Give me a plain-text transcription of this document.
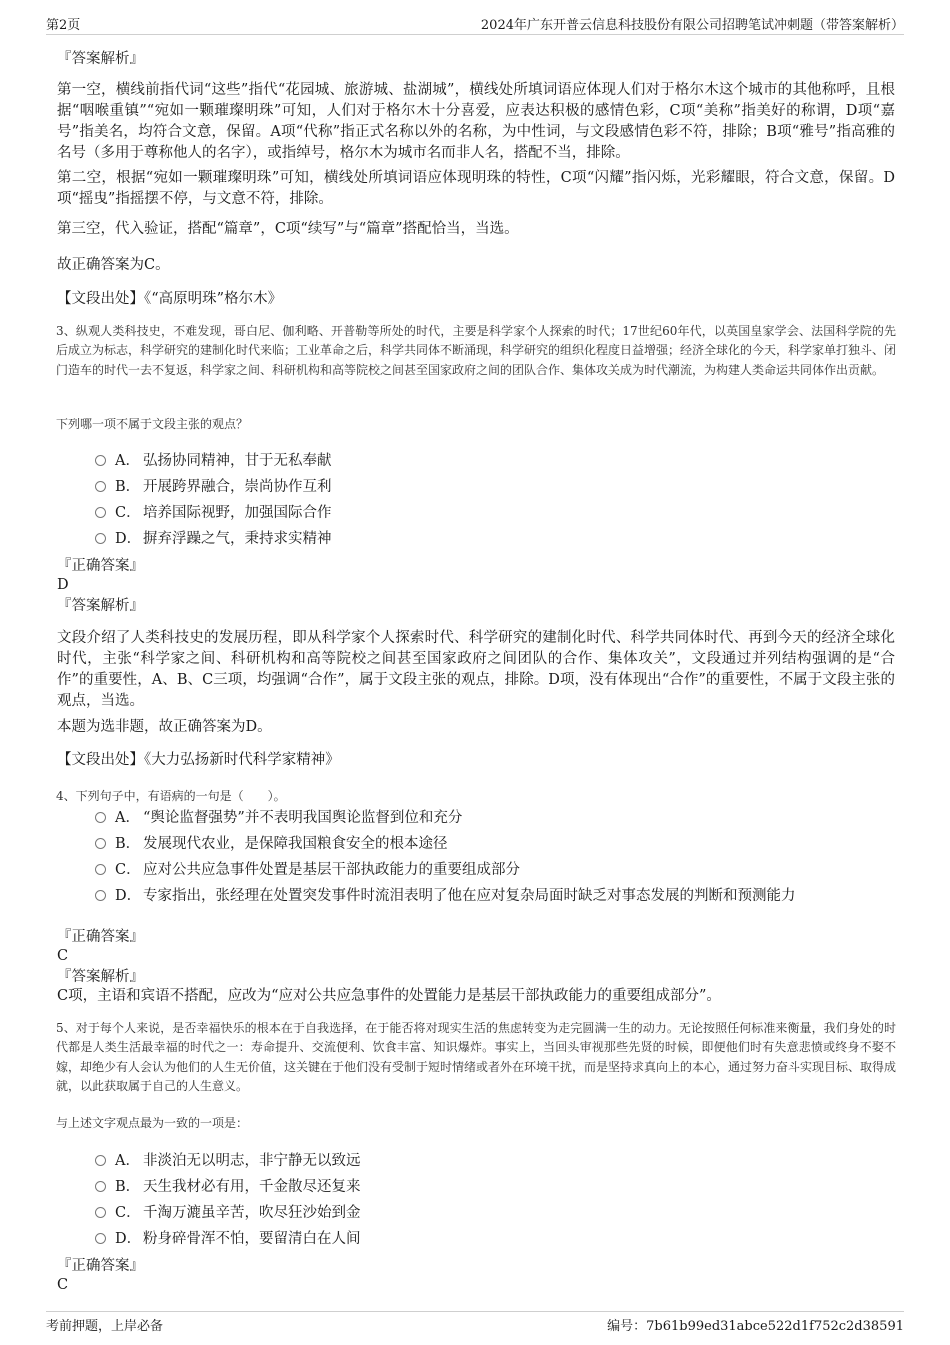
第2页	2024年广东开普云信息科技股份有限公司招聘笔试冲刺题（带答案解析）
『答案解析』
第一空，横线前指代词“这些”指代“花园城、旅游城、盐湖城”，横线处所填词语应体现人们对于格尔木这个城市的其他称呼，且根据“咽喉重镇”“宛如一颗璀璨明珠”可知，人们对于格尔木十分喜爱，应表达积极的感情色彩，C项“美称”指美好的称谓，D项“嘉号”指美名，均符合文意，保留。A项“代称”指正式名称以外的名称，为中性词，与文段感情色彩不符，排除；B项“雅号”指高雅的名号（多用于尊称他人的名字），或指绰号，格尔木为城市名而非人名，搭配不当，排除。
第二空，根据“宛如一颗璀璨明珠”可知，横线处所填词语应体现明珠的特性，C项“闪耀”指闪烁，光彩耀眼，符合文意，保留。D项“摇曳”指摇摆不停，与文意不符，排除。
第三空，代入验证，搭配“篇章”，C项“续写”与“篇章”搭配恰当，当选。
故正确答案为C。
【文段出处】《“高原明珠”格尔木》
3、纵观人类科技史，不难发现，哥白尼、伽利略、开普勒等所处的时代，主要是科学家个人探索的时代；17世纪60年代，以英国皇家学会、法国科学院的先后成立为标志，科学研究的建制化时代来临；工业革命之后，科学共同体不断涌现，科学研究的组织化程度日益增强；经济全球化的今天，科学家单打独斗、闭门造车的时代一去不复返，科学家之间、科研机构和高等院校之间甚至国家政府之间的团队合作、集体攻关成为时代潮流，为构建人类命运共同体作出贡献。
下列哪一项不属于文段主张的观点？
A． 弘扬协同精神，甘于无私奉献
B． 开展跨界融合，崇尚协作互利
C． 培养国际视野，加强国际合作
D． 摒弃浮躁之气，秉持求实精神
『正确答案』
D
『答案解析』
文段介绍了人类科技史的发展历程，即从科学家个人探索时代、科学研究的建制化时代、科学共同体时代、再到今天的经济全球化时代，主张“科学家之间、科研机构和高等院校之间甚至国家政府之间团队的合作、集体攻关”，文段通过并列结构强调的是“合作”的重要性，A、B、C三项，均强调“合作”，属于文段主张的观点，排除。D项，没有体现出“合作”的重要性，不属于文段主张的观点，当选。
本题为选非题，故正确答案为D。
【文段出处】《大力弘扬新时代科学家精神》
4、下列句子中，有语病的一句是（　　）。
A． “舆论监督强势”并不表明我国舆论监督到位和充分
B． 发展现代农业，是保障我国粮食安全的根本途径
C． 应对公共应急事件处置是基层干部执政能力的重要组成部分
D． 专家指出，张经理在处置突发事件时流泪表明了他在应对复杂局面时缺乏对事态发展的判断和预测能力
『正确答案』
C
『答案解析』
C项，主语和宾语不搭配，应改为“应对公共应急事件的处置能力是基层干部执政能力的重要组成部分”。
5、对于每个人来说，是否幸福快乐的根本在于自我选择，在于能否将对现实生活的焦虑转变为走完圆满一生的动力。无论按照任何标准来衡量，我们身处的时代都是人类生活最幸福的时代之一：寿命提升、交流便利、饮食丰富、知识爆炸。事实上，当回头审视那些先贤的时候，即便他们时有失意悲愤或终身不娶不嫁，却绝少有人会认为他们的人生无价值，这关键在于他们没有受制于短时情绪或者外在环境干扰，而是坚持求真向上的本心，通过努力奋斗实现目标、取得成就，以此获取属于自己的人生意义。
与上述文字观点最为一致的一项是：
A． 非淡泊无以明志，非宁静无以致远
B． 天生我材必有用，千金散尽还复来
C． 千淘万漉虽辛苦，吹尽狂沙始到金
D． 粉身碎骨浑不怕，要留清白在人间
『正确答案』
C
考前押题，上岸必备	编号：7b61b99ed31abce522d1f752c2d38591
